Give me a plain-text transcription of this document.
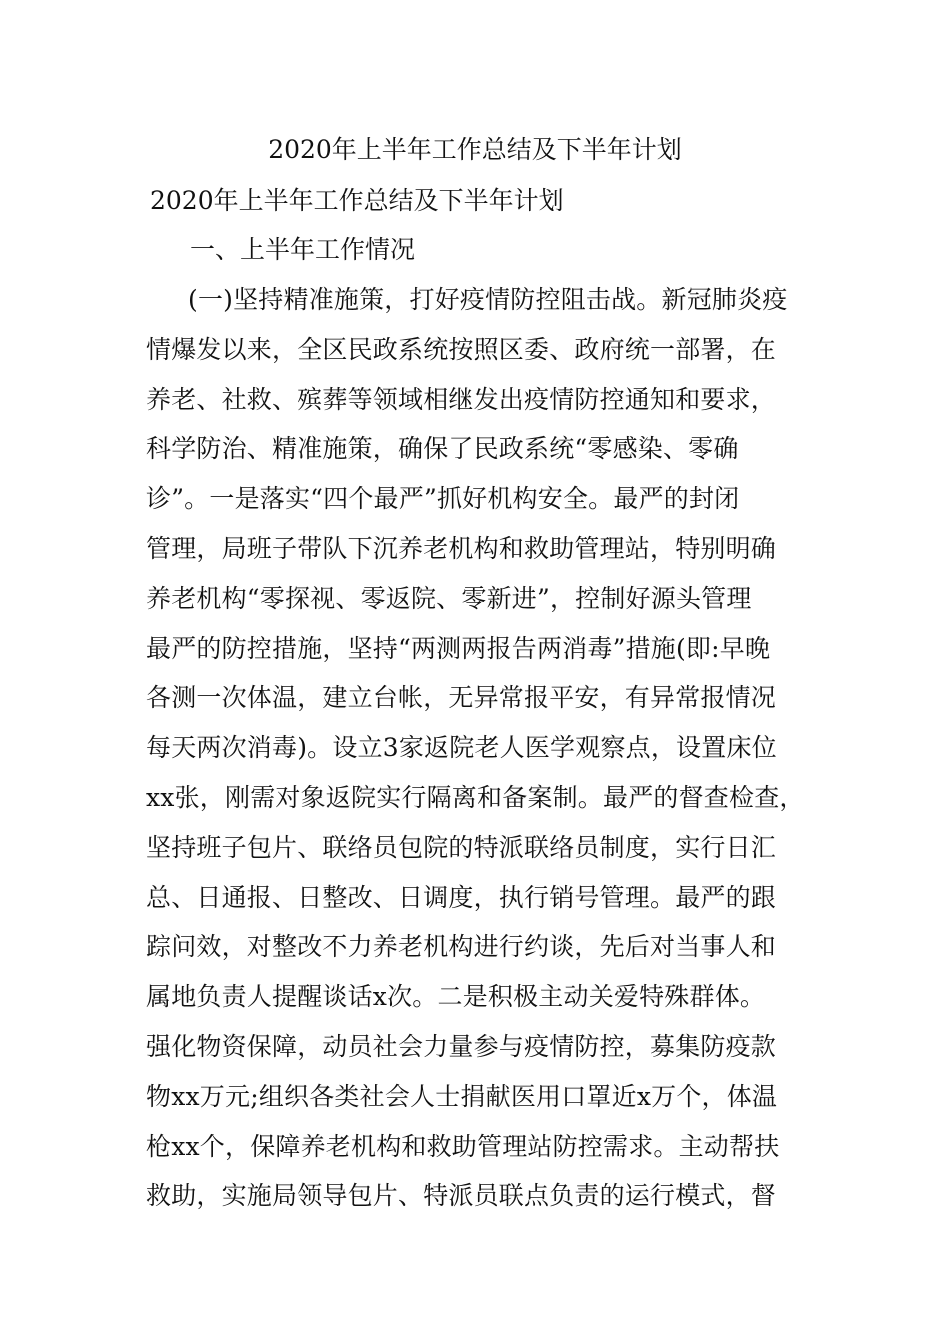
2020年上半年工作总结及下半年计划
2020年上半年工作总结及下半年计划
一、上半年工作情况
(一)坚持精准施策，打好疫情防控阻击战。新冠肺炎疫
情爆发以来，全区民政系统按照区委、政府统一部署，在
养老、社救、殡葬等领域相继发出疫情防控通知和要求，
科学防治、精准施策，确保了民政系统“零感染、零确
诊”。一是落实“四个最严”抓好机构安全。最严的封闭
管理，局班子带队下沉养老机构和救助管理站，特别明确
养老机构“零探视、零返院、零新进”，控制好源头管理
最严的防控措施，坚持“两测两报告两消毒”措施(即:早晚
各测一次体温，建立台帐，无异常报平安，有异常报情况
每天两次消毒)。设立3家返院老人医学观察点，设置床位
xx张，刚需对象返院实行隔离和备案制。最严的督查检查，
坚持班子包片、联络员包院的特派联络员制度，实行日汇
总、日通报、日整改、日调度，执行销号管理。最严的跟
踪问效，对整改不力养老机构进行约谈，先后对当事人和
属地负责人提醒谈话x次。二是积极主动关爱特殊群体。
强化物资保障，动员社会力量参与疫情防控，募集防疫款
物xx万元;组织各类社会人士捐献医用口罩近x万个，体温
枪xx个，保障养老机构和救助管理站防控需求。主动帮扶
救助，实施局领导包片、特派员联点负责的运行模式，督
